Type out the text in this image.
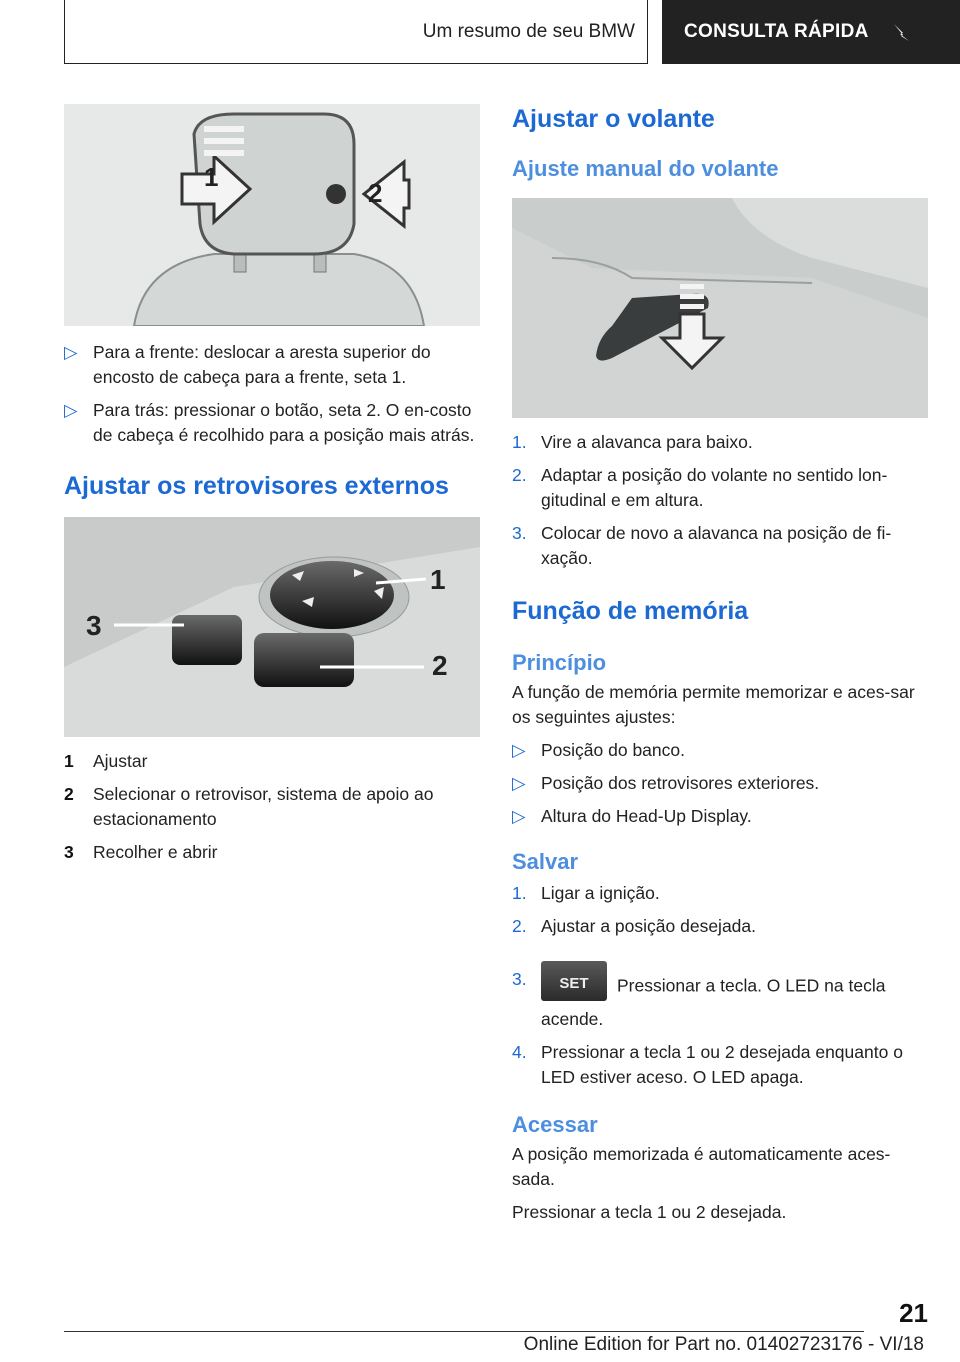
Um resumo de seu BMW	CONSULTA RÁPIDA
1
2
▷ Para a frente: deslocar a aresta superior do encosto de cabeça para a frente, seta 1.
▷ Para trás: pressionar o botão, seta 2. O en‐costo de cabeça é recolhido para a posição mais atrás.
Ajustar os retrovisores externos
1
2
3
1 Ajustar
2 Selecionar o retrovisor, sistema de apoio ao estacionamento
3 Recolher e abrir
Ajustar o volante
Ajuste manual do volante
1. Vire a alavanca para baixo.
2. Adaptar a posição do volante no sentido lon‐gitudinal e em altura.
3. Colocar de novo a alavanca na posição de fi‐xação.
Função de memória
Princípio
A função de memória permite memorizar e aces‐sar os seguintes ajustes:
▷ Posição do banco.
▷ Posição dos retrovisores exteriores.
▷ Altura do Head-Up Display.
Salvar
1. Ligar a ignição.
2. Ajustar a posição desejada.
3.	SET	Pressionar a tecla. O LED na tecla acende.
4. Pressionar a tecla 1 ou 2 desejada enquanto o LED estiver aceso. O LED apaga.
Acessar
A posição memorizada é automaticamente aces‐sada.
Pressionar a tecla 1 ou 2 desejada.
21
Online Edition for Part no. 01402723176 - VI/18
